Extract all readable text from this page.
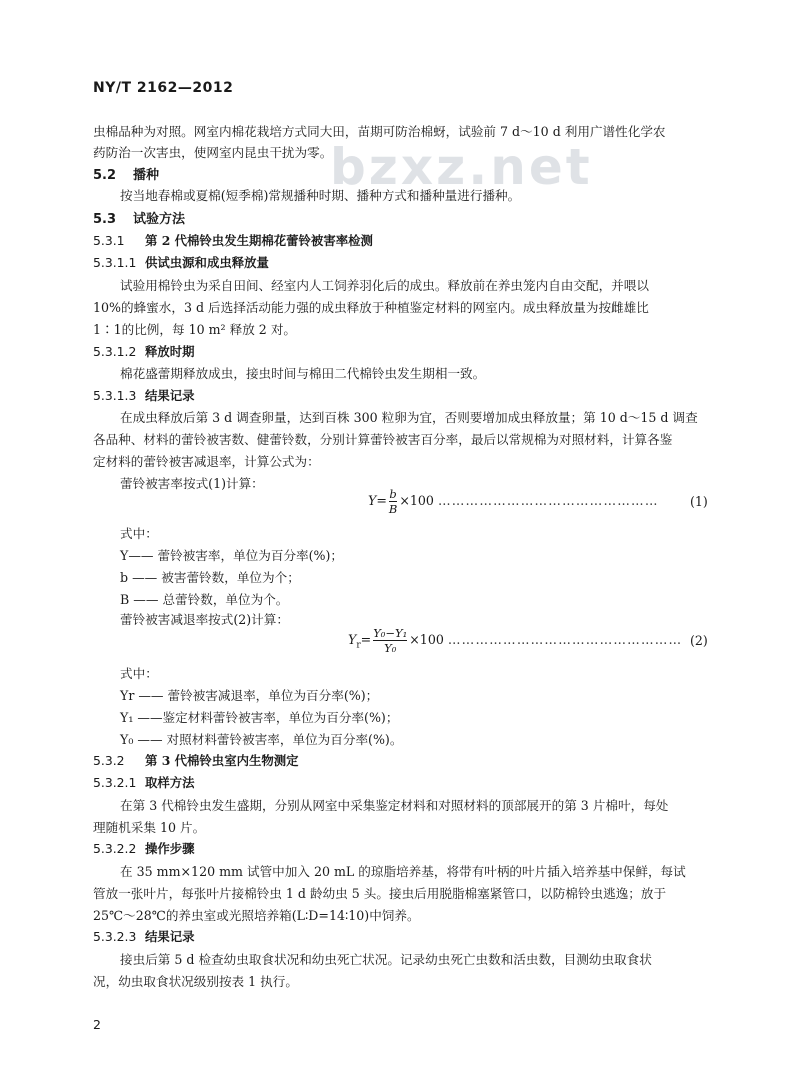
bzxz.net
NY/T 2162—2012
虫棉品种为对照。网室内棉花栽培方式同大田，苗期可防治棉蚜，试验前 7 d～10 d 利用广谱性化学农
药防治一次害虫，使网室内昆虫干扰为零。
5.2 播种
按当地春棉或夏棉(短季棉)常规播种时期、播种方式和播种量进行播种。
5.3 试验方法
5.3.1 第 2 代棉铃虫发生期棉花蕾铃被害率检测
5.3.1.1 供试虫源和成虫释放量
试验用棉铃虫为采自田间、经室内人工饲养羽化后的成虫。释放前在养虫笼内自由交配，并喂以
10%的蜂蜜水，3 d 后选择活动能力强的成虫释放于种植鉴定材料的网室内。成虫释放量为按雌雄比
1∶1的比例，每 10 m² 释放 2 对。
5.3.1.2 释放时期
棉花盛蕾期释放成虫，接虫时间与棉田二代棉铃虫发生期相一致。
5.3.1.3 结果记录
在成虫释放后第 3 d 调查卵量，达到百株 300 粒卵为宜，否则要增加成虫释放量；第 10 d～15 d 调查
各品种、材料的蕾铃被害数、健蕾铃数，分别计算蕾铃被害百分率，最后以常规棉为对照材料，计算各鉴
定材料的蕾铃被害减退率，计算公式为：
蕾铃被害率按式(1)计算：
$Y= \frac{b}{B} \times 100$ ………………………………………… (1)
式中：
Y—— 蕾铃被害率，单位为百分率(%)；
b —— 被害蕾铃数，单位为个；
B —— 总蕾铃数，单位为个。
蕾铃被害减退率按式(2)计算：
$Y_r= \frac{\text{Y₀−Y₁}}{\text{Y₀}} \times 100$ …………………………………………… (2)
式中：
Yr —— 蕾铃被害减退率，单位为百分率(%)；
Y₁ ——鉴定材料蕾铃被害率，单位为百分率(%)；
Y₀ —— 对照材料蕾铃被害率，单位为百分率(%)。
5.3.2 第 3 代棉铃虫室内生物测定
5.3.2.1 取样方法
在第 3 代棉铃虫发生盛期，分别从网室中采集鉴定材料和对照材料的顶部展开的第 3 片棉叶，每处
理随机采集 10 片。
5.3.2.2 操作步骤
在 35 mm×120 mm 试管中加入 20 mL 的琼脂培养基，将带有叶柄的叶片插入培养基中保鲜，每试
管放一张叶片，每张叶片接棉铃虫 1 d 龄幼虫 5 头。接虫后用脱脂棉塞紧管口，以防棉铃虫逃逸；放于
25℃～28℃的养虫室或光照培养箱(L∶D=14∶10)中饲养。
5.3.2.3 结果记录
接虫后第 5 d 检查幼虫取食状况和幼虫死亡状况。记录幼虫死亡虫数和活虫数，目测幼虫取食状
况，幼虫取食状况级别按表 1 执行。
2
